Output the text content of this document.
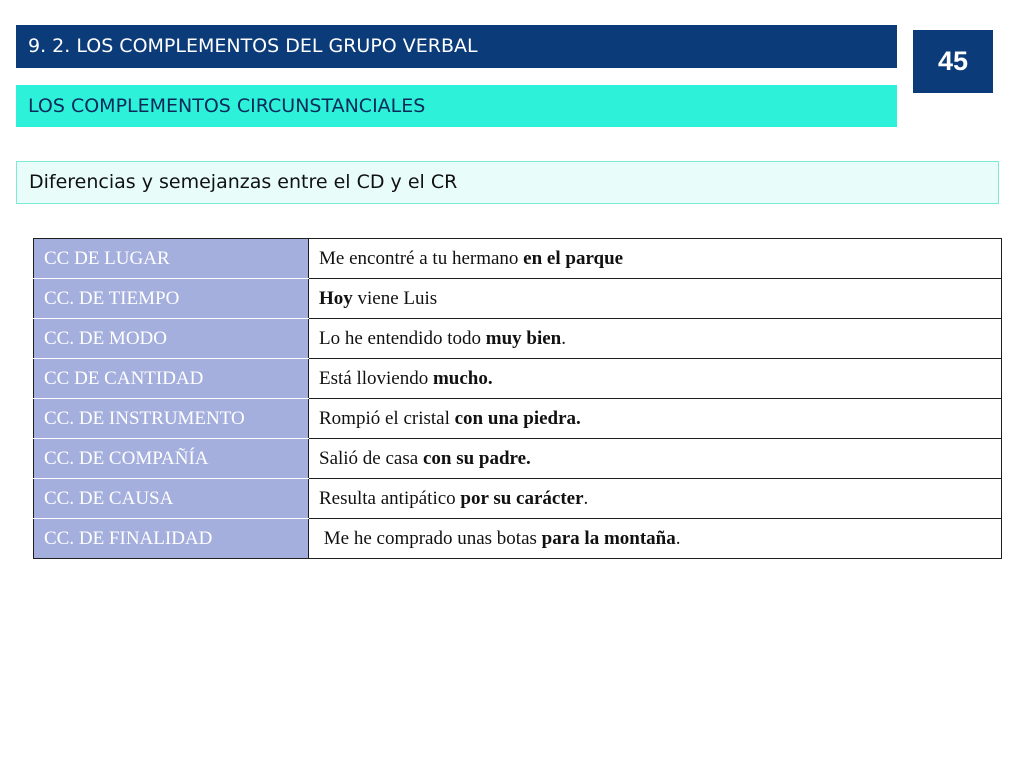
9. 2. LOS COMPLEMENTOS DEL GRUPO VERBAL	45
LOS COMPLEMENTOS CIRCUNSTANCIALES
Diferencias y semejanzas entre el CD y el CR
CC DE LUGAR	Me encontré a tu hermano en el parque
CC. DE TIEMPO	Hoy viene Luis
CC. DE MODO	Lo he entendido todo muy bien.
CC DE CANTIDAD	Está lloviendo mucho.
CC. DE INSTRUMENTO	Rompió el cristal con una piedra.
CC. DE COMPAÑÍA	Salió de casa con su padre.
CC. DE CAUSA	Resulta antipático por su carácter.
CC. DE FINALIDAD	Me he comprado unas botas para la montaña.
